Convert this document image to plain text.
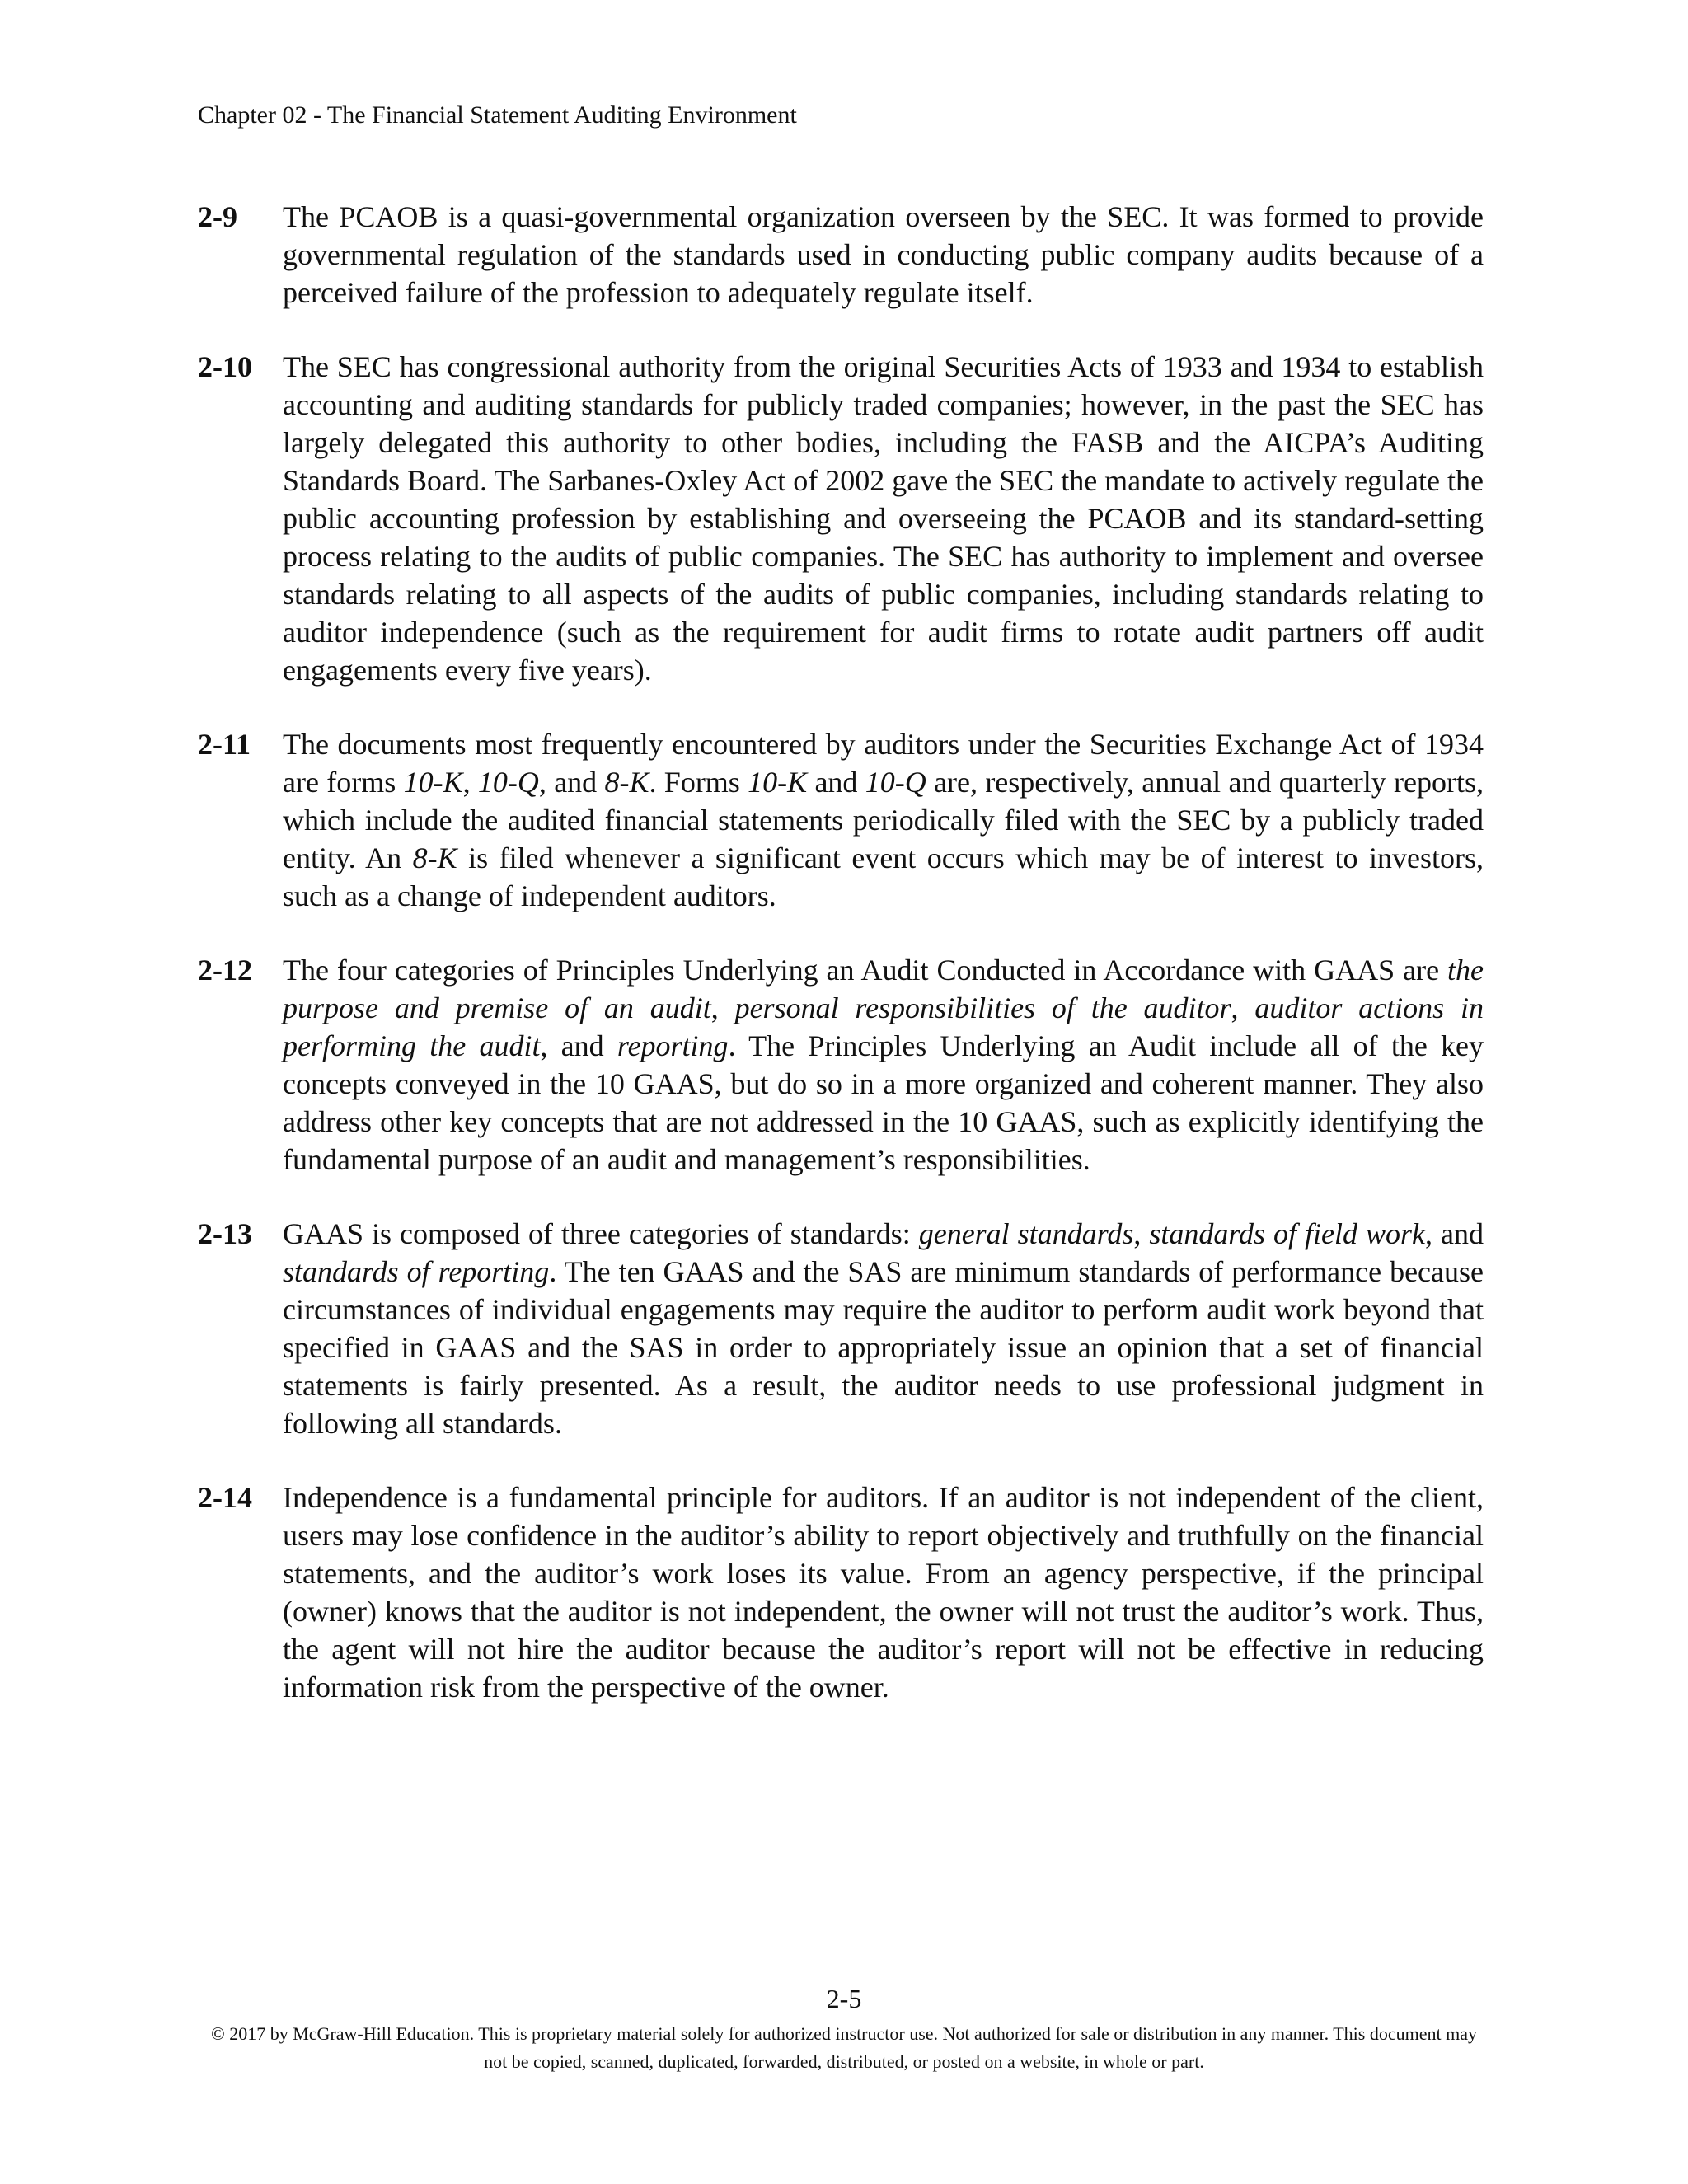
Chapter 02 - The Financial Statement Auditing Environment
2-9 The PCAOB is a quasi-governmental organization overseen by the SEC. It was formed to provide governmental regulation of the standards used in conducting public company audits because of a perceived failure of the profession to adequately regulate itself.
2-10 The SEC has congressional authority from the original Securities Acts of 1933 and 1934 to establish accounting and auditing standards for publicly traded companies; however, in the past the SEC has largely delegated this authority to other bodies, including the FASB and the AICPA’s Auditing Standards Board. The Sarbanes-Oxley Act of 2002 gave the SEC the mandate to actively regulate the public accounting profession by establishing and overseeing the PCAOB and its standard-setting process relating to the audits of public companies. The SEC has authority to implement and oversee standards relating to all aspects of the audits of public companies, including standards relating to auditor independence (such as the requirement for audit firms to rotate audit partners off audit engagements every five years).
2-11 The documents most frequently encountered by auditors under the Securities Exchange Act of 1934 are forms 10-K, 10-Q, and 8-K. Forms 10-K and 10-Q are, respectively, annual and quarterly reports, which include the audited financial statements periodically filed with the SEC by a publicly traded entity. An 8-K is filed whenever a significant event occurs which may be of interest to investors, such as a change of independent auditors.
2-12 The four categories of Principles Underlying an Audit Conducted in Accordance with GAAS are the purpose and premise of an audit, personal responsibilities of the auditor, auditor actions in performing the audit, and reporting. The Principles Underlying an Audit include all of the key concepts conveyed in the 10 GAAS, but do so in a more organized and coherent manner. They also address other key concepts that are not addressed in the 10 GAAS, such as explicitly identifying the fundamental purpose of an audit and management’s responsibilities.
2-13 GAAS is composed of three categories of standards: general standards, standards of field work, and standards of reporting. The ten GAAS and the SAS are minimum standards of performance because circumstances of individual engagements may require the auditor to perform audit work beyond that specified in GAAS and the SAS in order to appropriately issue an opinion that a set of financial statements is fairly presented. As a result, the auditor needs to use professional judgment in following all standards.
2-14 Independence is a fundamental principle for auditors. If an auditor is not independent of the client, users may lose confidence in the auditor’s ability to report objectively and truthfully on the financial statements, and the auditor’s work loses its value. From an agency perspective, if the principal (owner) knows that the auditor is not independent, the owner will not trust the auditor’s work. Thus, the agent will not hire the auditor because the auditor’s report will not be effective in reducing information risk from the perspective of the owner.
2-5
© 2017 by McGraw-Hill Education. This is proprietary material solely for authorized instructor use. Not authorized for sale or distribution in any manner. This document may not be copied, scanned, duplicated, forwarded, distributed, or posted on a website, in whole or part.
